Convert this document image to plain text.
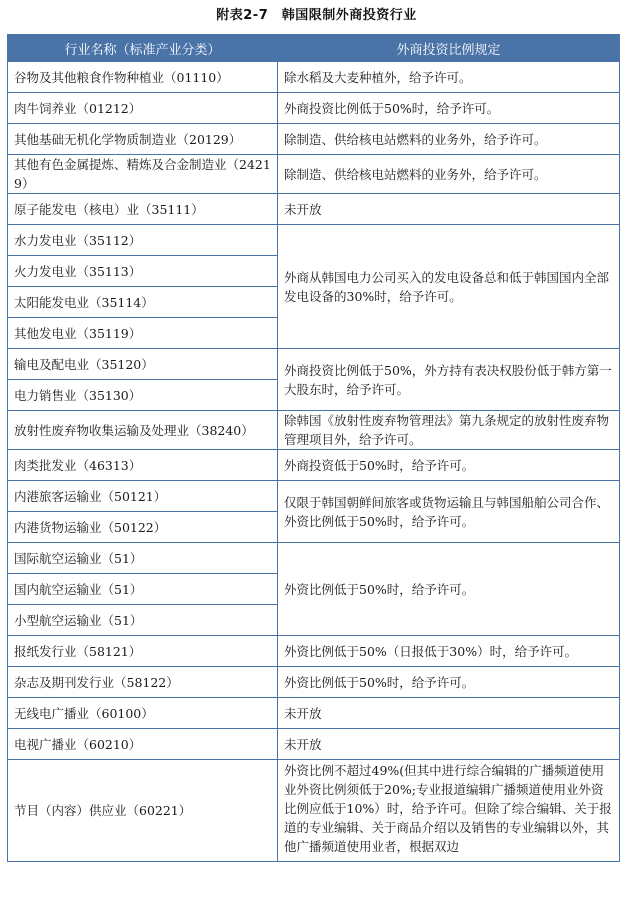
附表2-7　韩国限制外商投资行业
行业名称（标准产业分类）	外商投资比例规定
谷物及其他粮食作物种植业（01110）	除水稻及大麦种植外，给予许可。
肉牛饲养业（01212）	外商投资比例低于50%时，给予许可。
其他基础无机化学物质制造业（20129）	除制造、供给核电站燃料的业务外，给予许可。
其他有色金属提炼、精炼及合金制造业（24219）	除制造、供给核电站燃料的业务外，给予许可。
原子能发电（核电）业（35111）	未开放
水力发电业（35112）	外商从韩国电力公司买入的发电设备总和低于韩国国内全部发电设备的30%时，给予许可。
火力发电业（35113）	
太阳能发电业（35114）	
其他发电业（35119）	
输电及配电业（35120）	外商投资比例低于50%，外方持有表决权股份低于韩方第一大股东时，给予许可。
电力销售业（35130）	
放射性废弃物收集运输及处理业（38240）	除韩国《放射性废弃物管理法》第九条规定的放射性废弃物管理项目外，给予许可。
肉类批发业（46313）	外商投资低于50%时，给予许可。
内港旅客运输业（50121）	仅限于韩国朝鲜间旅客或货物运输且与韩国船舶公司合作、外资比例低于50%时，给予许可。
内港货物运输业（50122）	
国际航空运输业（51）	外资比例低于50%时，给予许可。
国内航空运输业（51）	
小型航空运输业（51）	
报纸发行业（58121）	外资比例低于50%（日报低于30%）时，给予许可。
杂志及期刊发行业（58122）	外资比例低于50%时，给予许可。
无线电广播业（60100）	未开放
电视广播业（60210）	未开放
节目（内容）供应业（60221）	外资比例不超过49%(但其中进行综合编辑的广播频道使用业外资比例须低于20%;专业报道编辑广播频道使用业外资比例应低于10%）时，给予许可。但除了综合编辑、关于报道的专业编辑、关于商品介绍以及销售的专业编辑以外，其他广播频道使用业者，根据双边
